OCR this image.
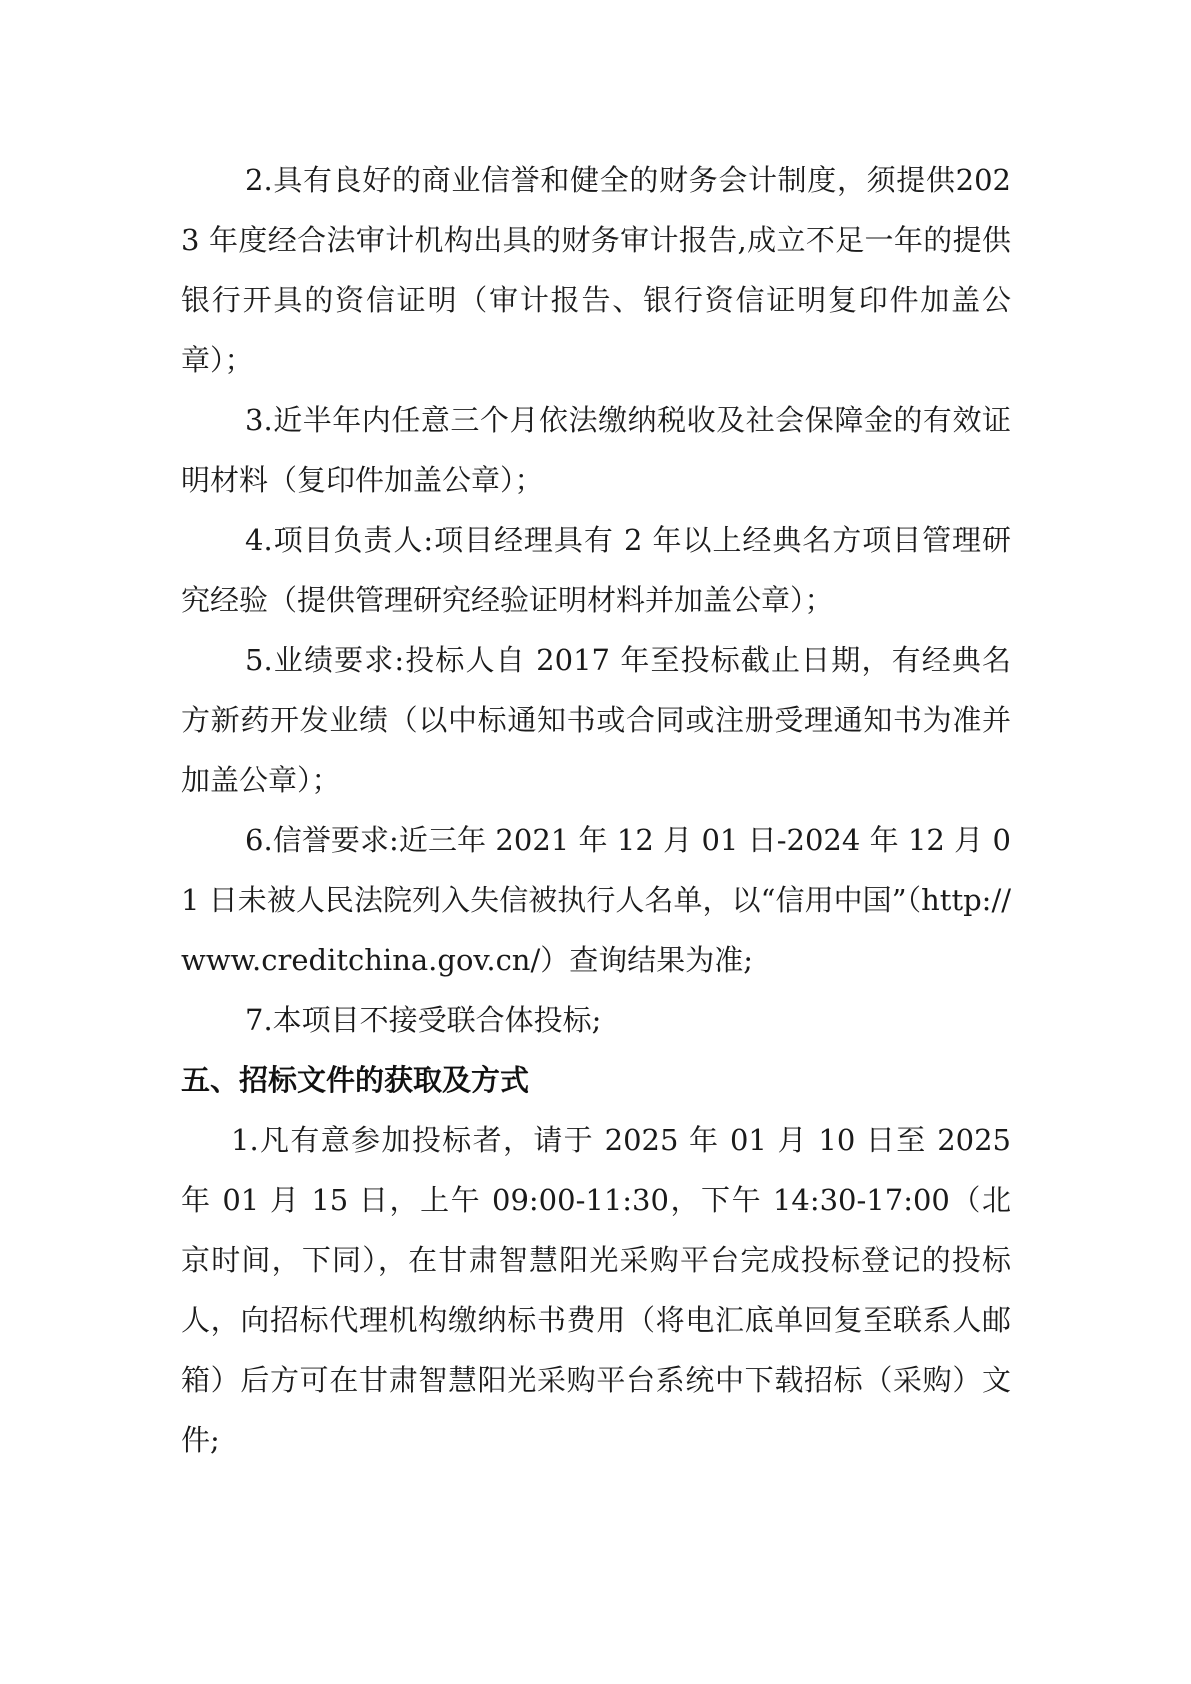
2.具有良好的商业信誉和健全的财务会计制度，须提供2023 年度经合法审计机构出具的财务审计报告,成立不足一年的提供银行开具的资信证明（审计报告、银行资信证明复印件加盖公章）；

3.近半年内任意三个月依法缴纳税收及社会保障金的有效证明材料（复印件加盖公章）；

4.项目负责人:项目经理具有 2 年以上经典名方项目管理研究经验（提供管理研究经验证明材料并加盖公章）；

5.业绩要求:投标人自 2017 年至投标截止日期，有经典名方新药开发业绩（以中标通知书或合同或注册受理通知书为准并加盖公章）；

6.信誉要求:近三年 2021 年 12 月 01 日-2024 年 12 月 01 日未被人民法院列入失信被执行人名单，以“信用中国”（http://www.creditchina.gov.cn/）查询结果为准;

7.本项目不接受联合体投标;

五、招标文件的获取及方式

1.凡有意参加投标者，请于 2025 年 01 月 10 日至 2025 年 01 月 15 日，上午 09:00-11:30，下午 14:30-17:00（北京时间，下同），在甘肃智慧阳光采购平台完成投标登记的投标人，向招标代理机构缴纳标书费用（将电汇底单回复至联系人邮箱）后方可在甘肃智慧阳光采购平台系统中下载招标（采购）文件;
